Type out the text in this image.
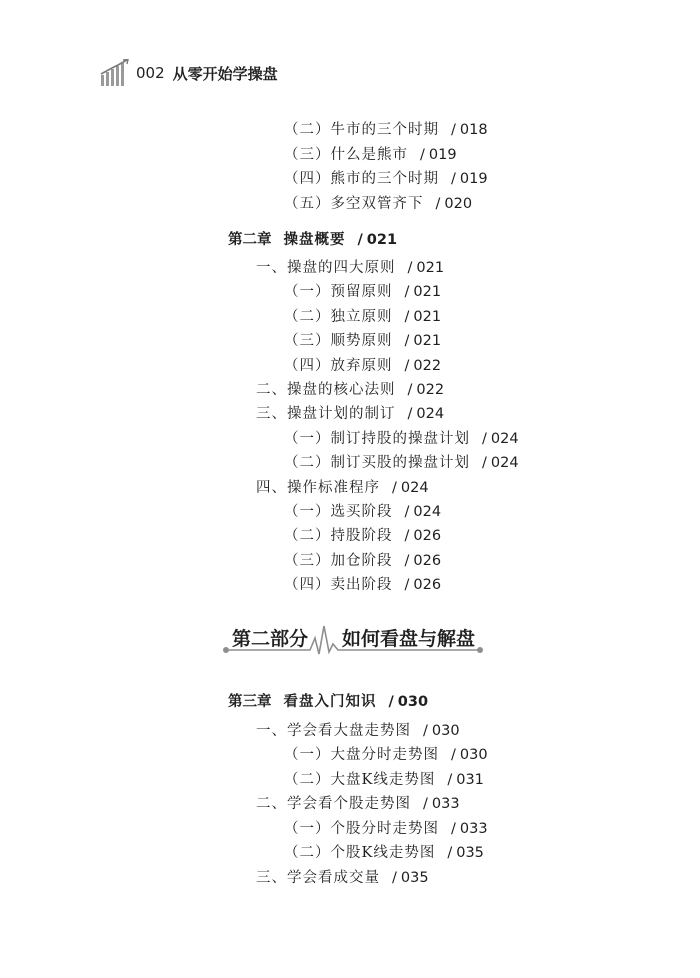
002 从零开始学操盘
（二）牛市的三个时期 / 018
（三）什么是熊市 / 019
（四）熊市的三个时期 / 019
（五）多空双管齐下 / 020
第二章 操盘概要 / 021
一、操盘的四大原则 / 021
（一）预留原则 / 021
（二）独立原则 / 021
（三）顺势原则 / 021
（四）放弃原则 / 022
二、操盘的核心法则 / 022
三、操盘计划的制订 / 024
（一）制订持股的操盘计划 / 024
（二）制订买股的操盘计划 / 024
四、操作标准程序 / 024
（一）选买阶段 / 024
（二）持股阶段 / 026
（三）加仓阶段 / 026
（四）卖出阶段 / 026
第二部分 如何看盘与解盘
第三章 看盘入门知识 / 030
一、学会看大盘走势图 / 030
（一）大盘分时走势图 / 030
（二）大盘K线走势图 / 031
二、学会看个股走势图 / 033
（一）个股分时走势图 / 033
（二）个股K线走势图 / 035
三、学会看成交量 / 035
